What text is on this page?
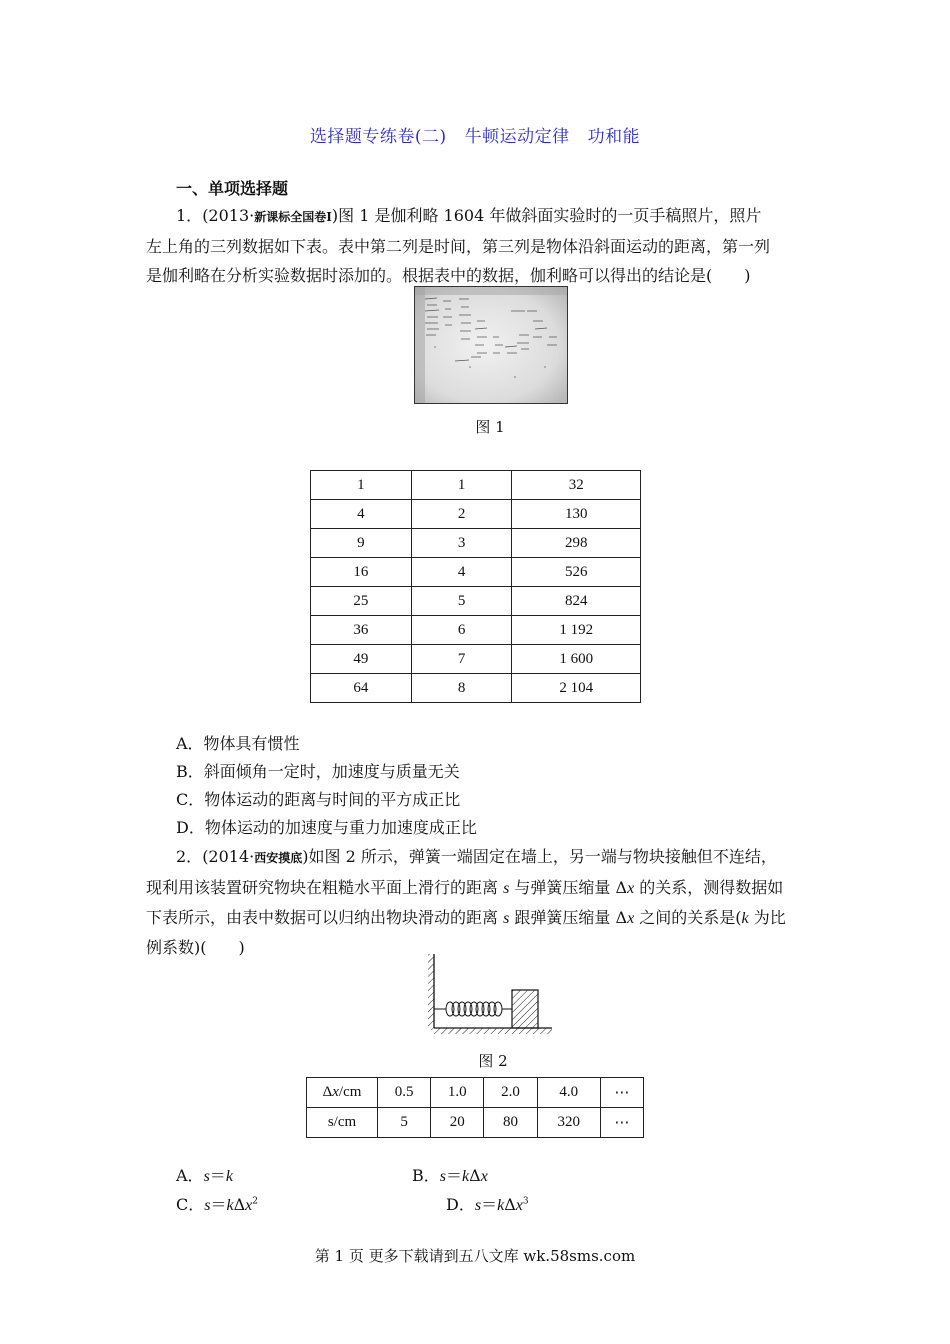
选择题专练卷(二) 牛顿运动定律 功和能
一、单项选择题
1．(2013·新课标全国卷Ⅰ)图 1 是伽利略 1604 年做斜面实验时的一页手稿照片，照片
左上角的三列数据如下表。表中第二列是时间，第三列是物体沿斜面运动的距离，第一列
是伽利略在分析实验数据时添加的。根据表中的数据，伽利略可以得出的结论是(　　)
图 1
1	1	32
4	2	130
9	3	298
16	4	526
25	5	824
36	6	1 192
49	7	1 600
64	8	2 104
A．物体具有惯性
B．斜面倾角一定时，加速度与质量无关
C．物体运动的距离与时间的平方成正比
D．物体运动的加速度与重力加速度成正比
2．(2014·西安摸底)如图 2 所示，弹簧一端固定在墙上，另一端与物块接触但不连结，
现利用该装置研究物块在粗糙水平面上滑行的距离 s 与弹簧压缩量 Δx 的关系，测得数据如
下表所示，由表中数据可以归纳出物块滑动的距离 s 跟弹簧压缩量 Δx 之间的关系是(k 为比
例系数)(　　)
图 2
Δx/cm	0.5	1.0	2.0	4.0	⋯
s/cm	5	20	80	320	⋯
A．s＝k	B．s＝kΔx
C．s＝kΔx$^2$	D．s＝kΔx$^3$
第 1 页 更多下载请到五八文库 wk.58sms.com
